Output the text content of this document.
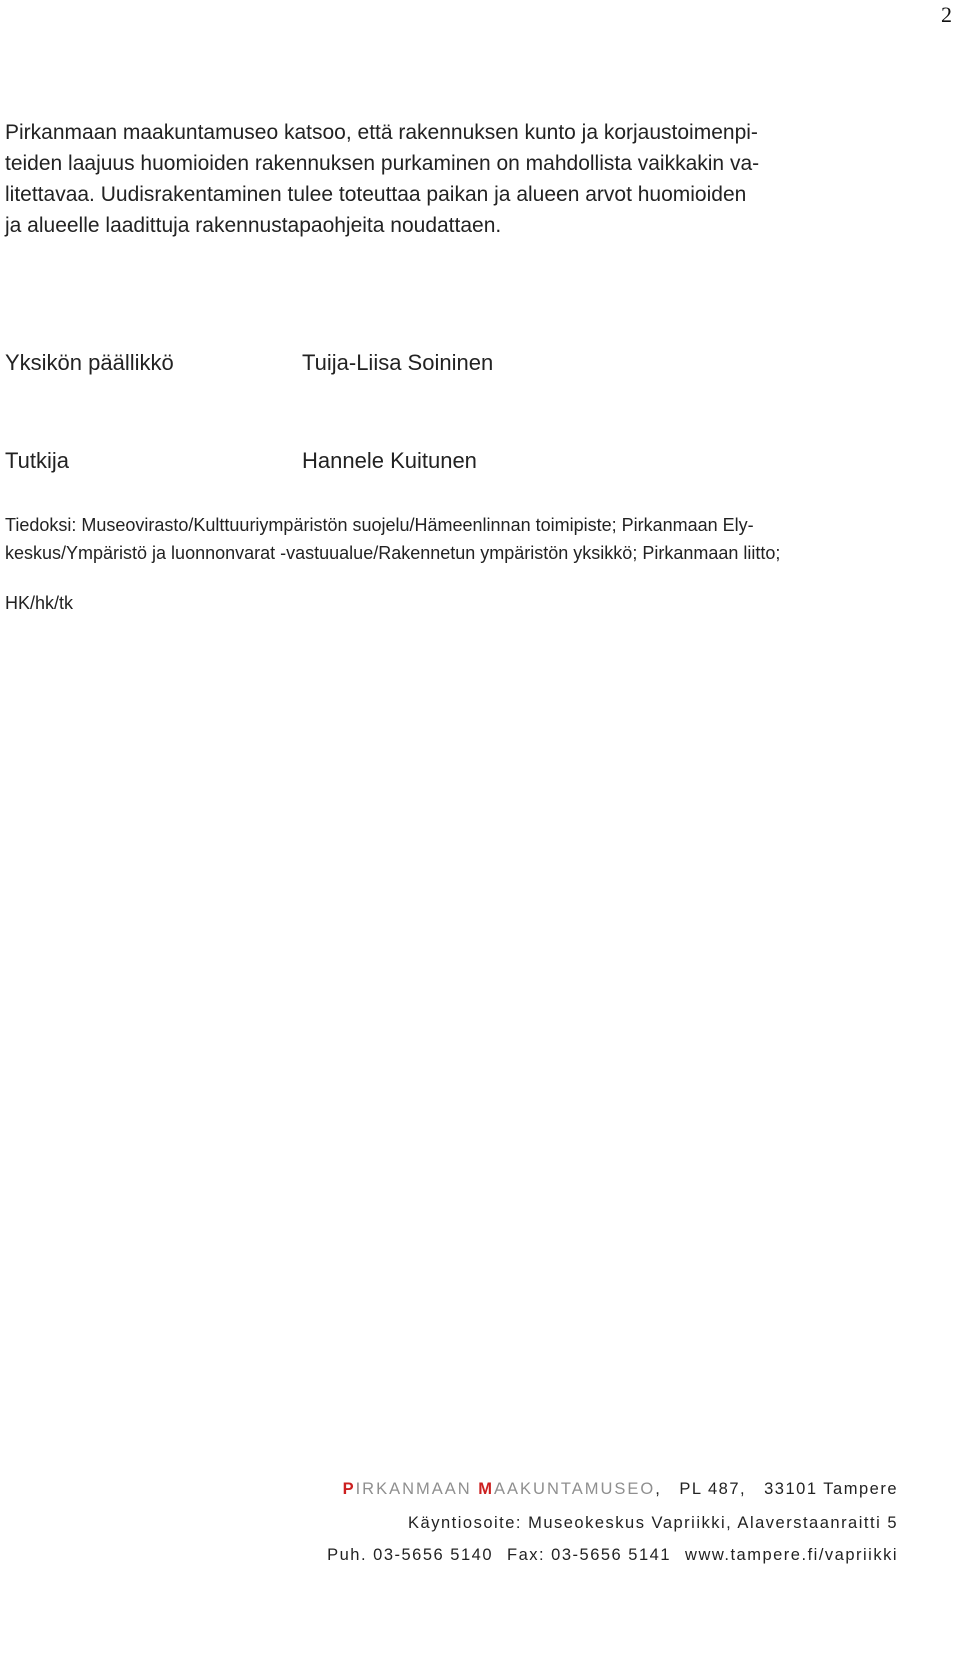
2

Pirkanmaan maakuntamuseo katsoo, että rakennuksen kunto ja korjaustoimenpi-
teiden laajuus huomioiden rakennuksen purkaminen on mahdollista vaikkakin va-
litettavaa. Uudisrakentaminen tulee toteuttaa paikan ja alueen arvot huomioiden
ja alueelle laadittuja rakennustapaohjeita noudattaen.

Yksikön päällikkö	Tuija-Liisa Soininen
Tutkija	Hannele Kuitunen
Tiedoksi: Museovirasto/Kulttuuriympäristön suojelu/Hämeenlinnan toimipiste; Pirkanmaan Ely-
keskus/Ympäristö ja luonnonvarat -vastuualue/Rakennetun ympäristön yksikkö; Pirkanmaan liitto;
HK/hk/tk
PIRKANMAAN MAAKUNTAMUSEO, PL 487, 33101 Tampere
Käyntiosoite: Museokeskus Vapriikki, Alaverstaanraitti 5
Puh. 03-5656 5140 Fax: 03-5656 5141 www.tampere.fi/vapriikki
